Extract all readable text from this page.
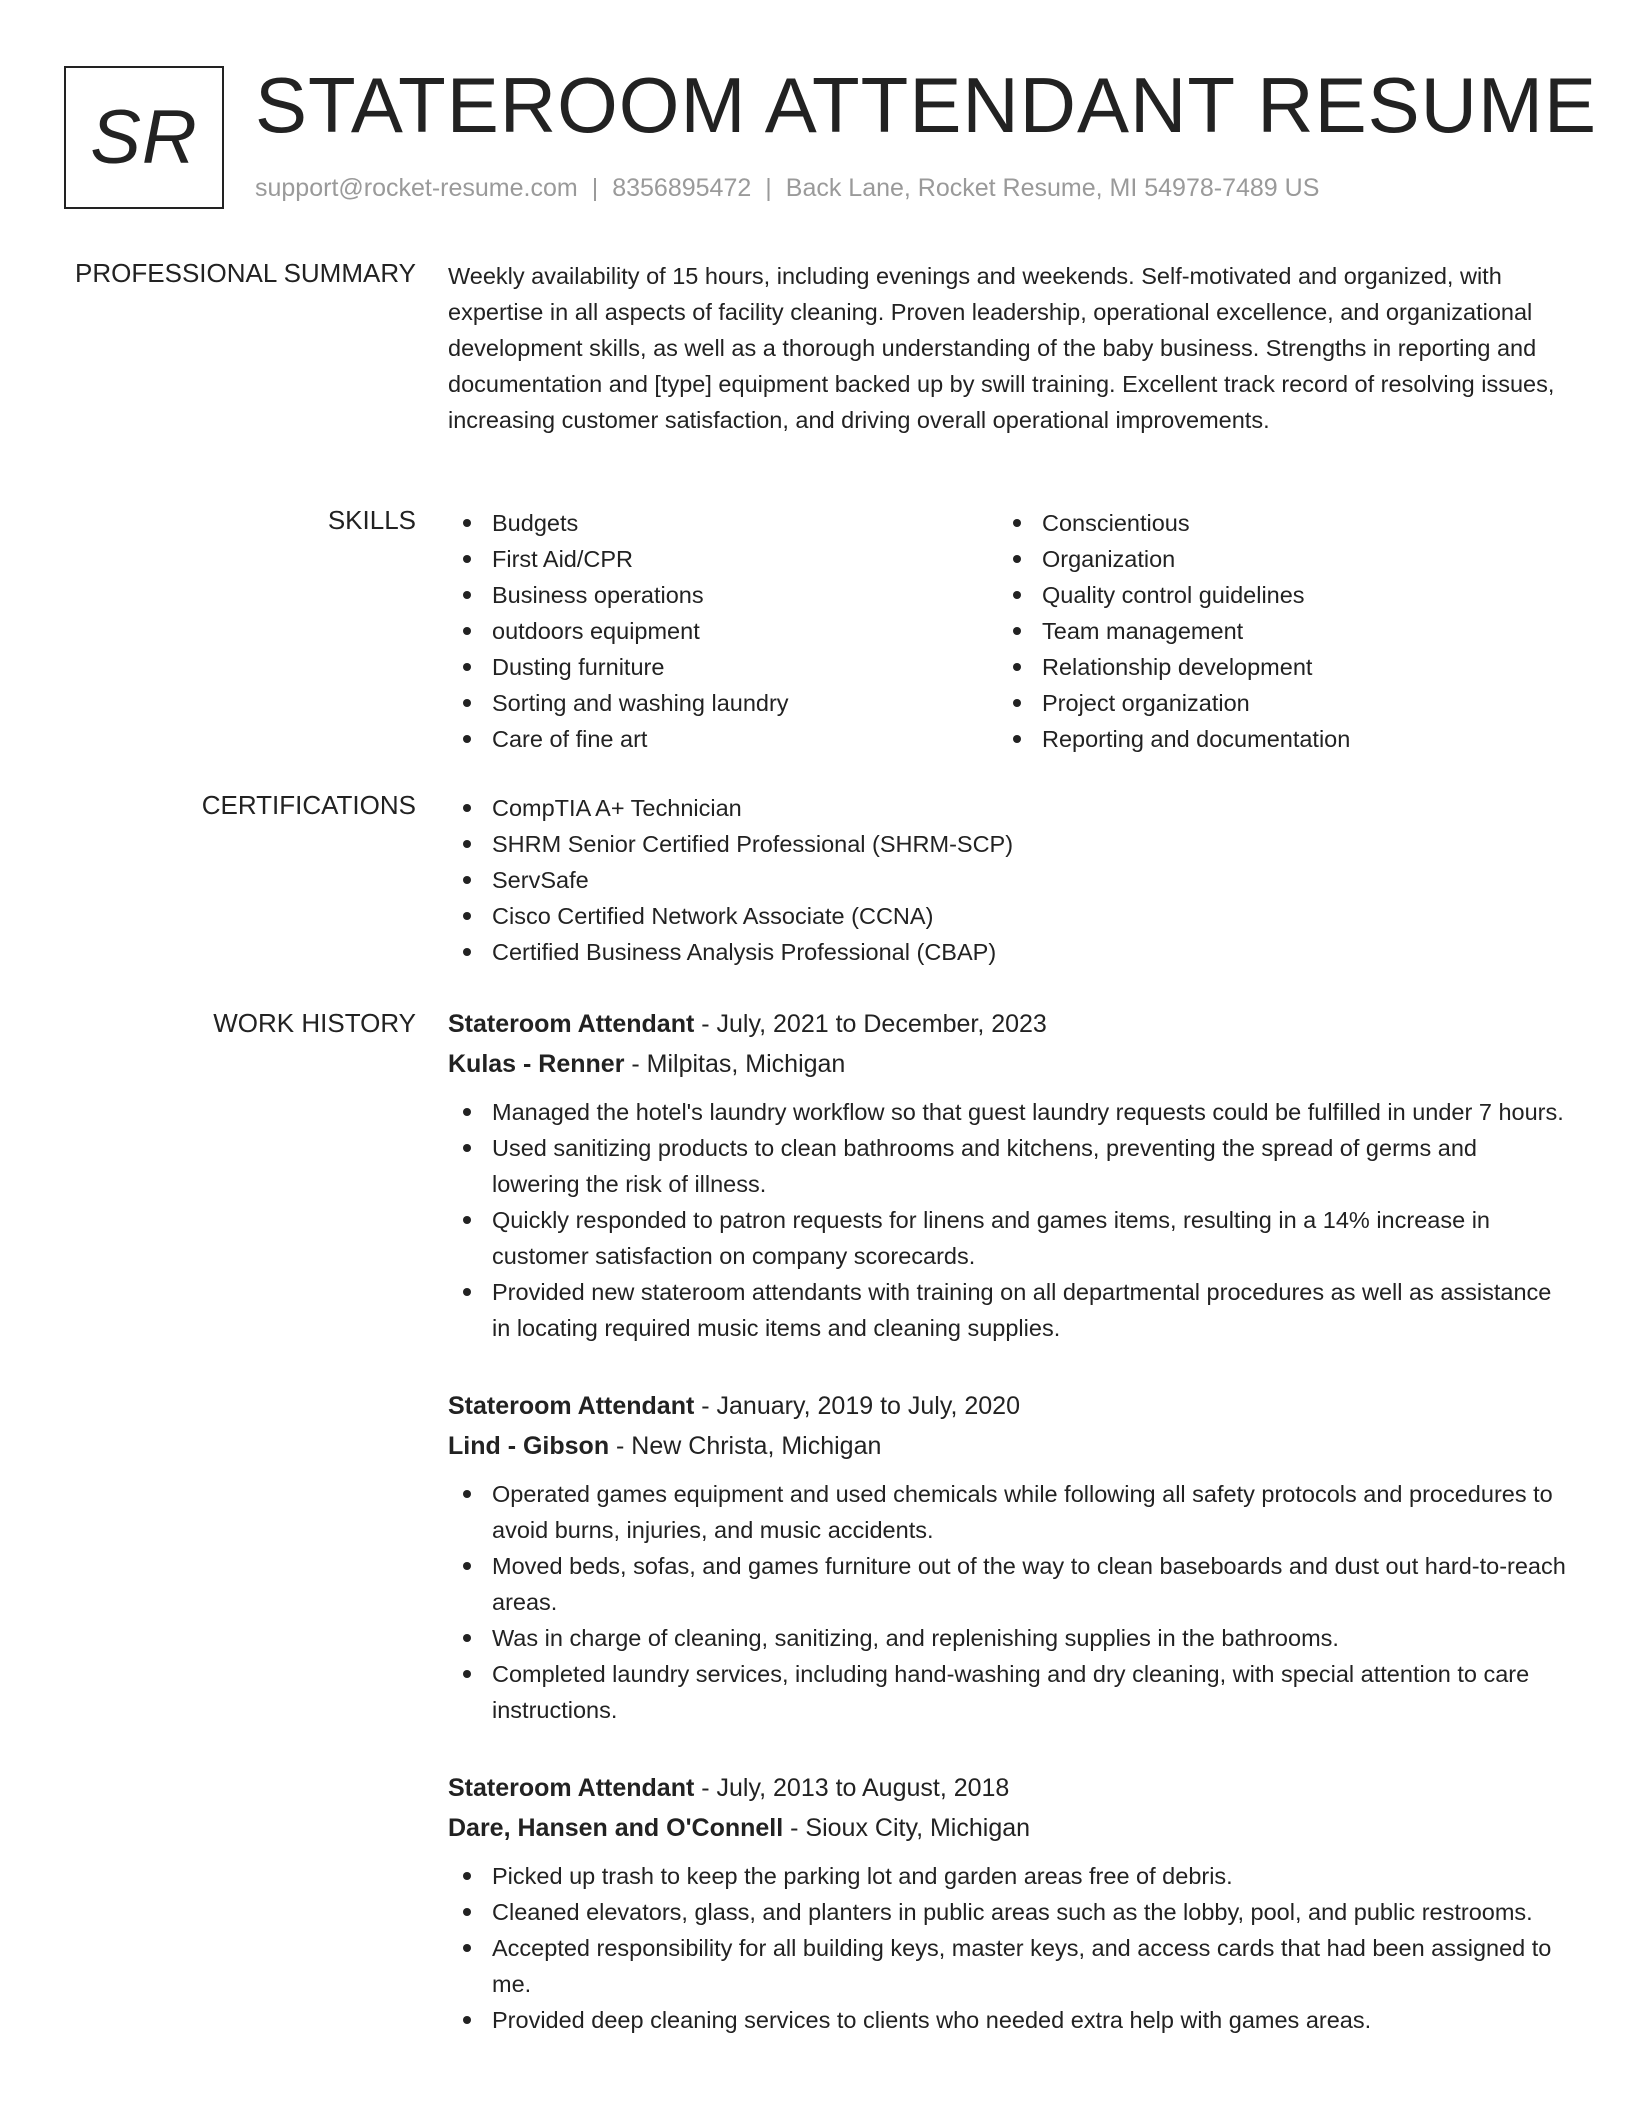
SR STATEROOM ATTENDANT RESUME
support@rocket-resume.com | 8356895472 | Back Lane, Rocket Resume, MI 54978-7489 US
PROFESSIONAL SUMMARY Weekly availability of 15 hours, including evenings and weekends. Self-motivated and organized, with expertise in all aspects of facility cleaning. Proven leadership, operational excellence, and organizational development skills, as well as a thorough understanding of the baby business. Strengths in reporting and documentation and [type] equipment backed up by swill training. Excellent track record of resolving issues, increasing customer satisfaction, and driving overall operational improvements.

SKILLS	Budgets
First Aid/CPR
Business operations
outdoors equipment
Dusting furniture
Sorting and washing laundry
Care of fine art
Conscientious
Organization
Quality control guidelines
Team management
Relationship development
Project organization
Reporting and documentation
CERTIFICATIONS	CompTIA A+ Technician
SHRM Senior Certified Professional (SHRM-SCP)
ServSafe
Cisco Certified Network Associate (CCNA)
Certified Business Analysis Professional (CBAP)
WORK HISTORY Stateroom Attendant - July, 2021 to December, 2023
Kulas - Renner - Milpitas, Michigan
Managed the hotel's laundry workflow so that guest laundry requests could be fulfilled in under 7 hours.
Used sanitizing products to clean bathrooms and kitchens, preventing the spread of germs and lowering the risk of illness.
Quickly responded to patron requests for linens and games items, resulting in a 14% increase in customer satisfaction on company scorecards.
Provided new stateroom attendants with training on all departmental procedures as well as assistance in locating required music items and cleaning supplies.
Stateroom Attendant - January, 2019 to July, 2020
Lind - Gibson - New Christa, Michigan
Operated games equipment and used chemicals while following all safety protocols and procedures to avoid burns, injuries, and music accidents.
Moved beds, sofas, and games furniture out of the way to clean baseboards and dust out hard-to-reach areas.
Was in charge of cleaning, sanitizing, and replenishing supplies in the bathrooms.
Completed laundry services, including hand-washing and dry cleaning, with special attention to care instructions.
Stateroom Attendant - July, 2013 to August, 2018
Dare, Hansen and O'Connell - Sioux City, Michigan
Picked up trash to keep the parking lot and garden areas free of debris.
Cleaned elevators, glass, and planters in public areas such as the lobby, pool, and public restrooms.
Accepted responsibility for all building keys, master keys, and access cards that had been assigned to me.
Provided deep cleaning services to clients who needed extra help with games areas.
